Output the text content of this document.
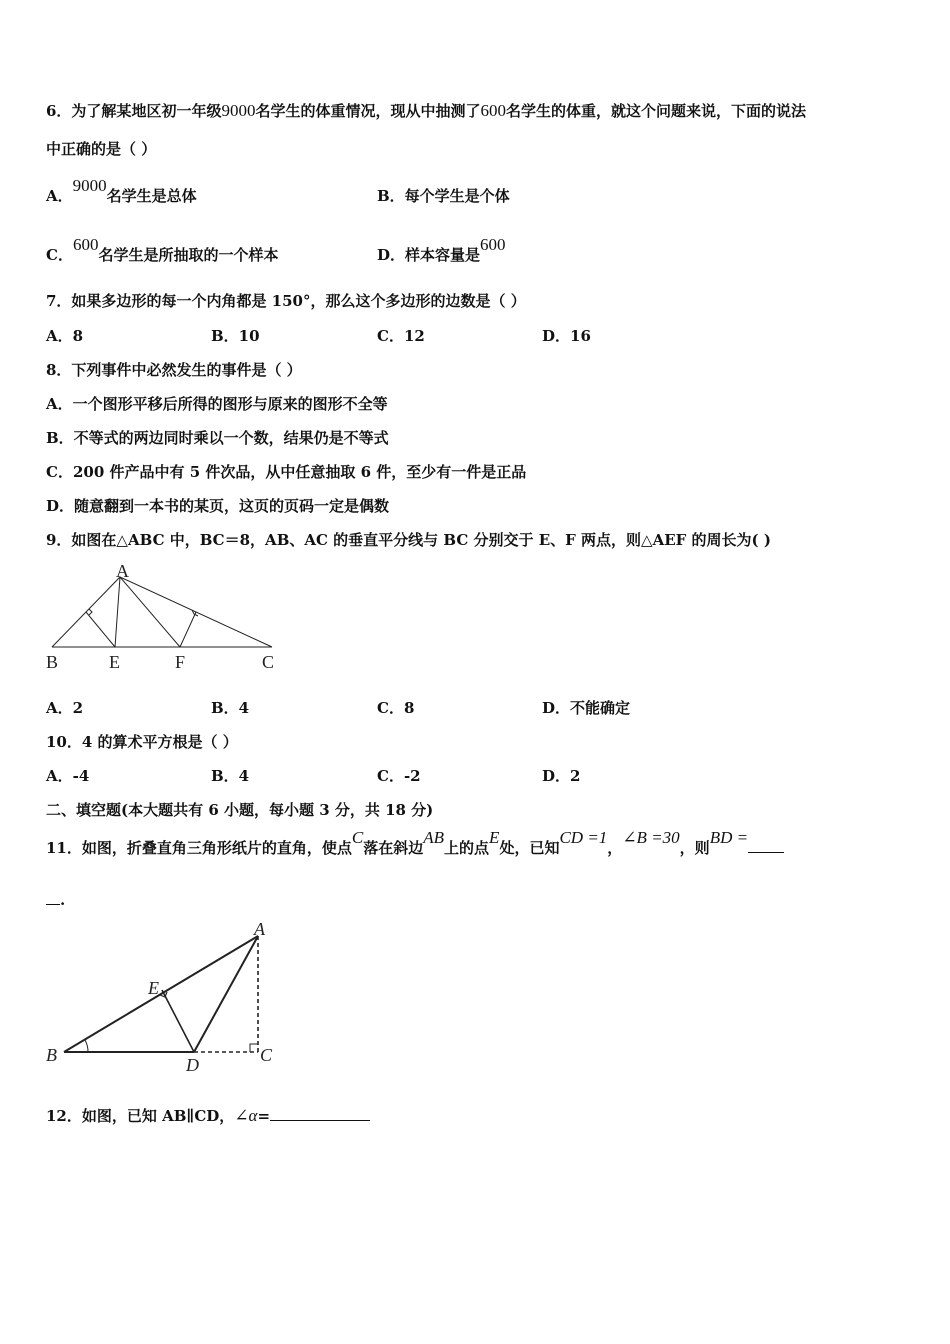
6．为了解某地区初一年级9000名学生的体重情况，现从中抽测了600名学生的体重，就这个问题来说，下面的说法
中正确的是（ ）
A．9000名学生是总体	B．每个学生是个体
C．600名学生是所抽取的一个样本	D．样本容量是600
7．如果多边形的每一个内角都是 150°，那么这个多边形的边数是（ ）
A．8	B．10	C．12	D．16
8．下列事件中必然发生的事件是（ ）
A．一个图形平移后所得的图形与原来的图形不全等
B．不等式的两边同时乘以一个数，结果仍是不等式
C．200 件产品中有 5 件次品，从中任意抽取 6 件，至少有一件是正品
D．随意翻到一本书的某页，这页的页码一定是偶数
9．如图在△ABC 中，BC＝8，AB、AC 的垂直平分线与 BC 分别交于 E、F 两点，则△AEF 的周长为( )
A
B	E	F	C
A．2	B．4	C．8	D．不能确定
10．4 的算术平方根是（ ）
A．-4	B．4	C．-2	D．2
二、填空题(本大题共有 6 小题，每小题 3 分，共 18 分)
11．如图，折叠直角三角形纸片的直角，使点C落在斜边AB上的点E处，已知CD =1，∠B =30，则BD =
.
A
E
B	D	C
12．如图，已知 AB∥CD，∠α=
